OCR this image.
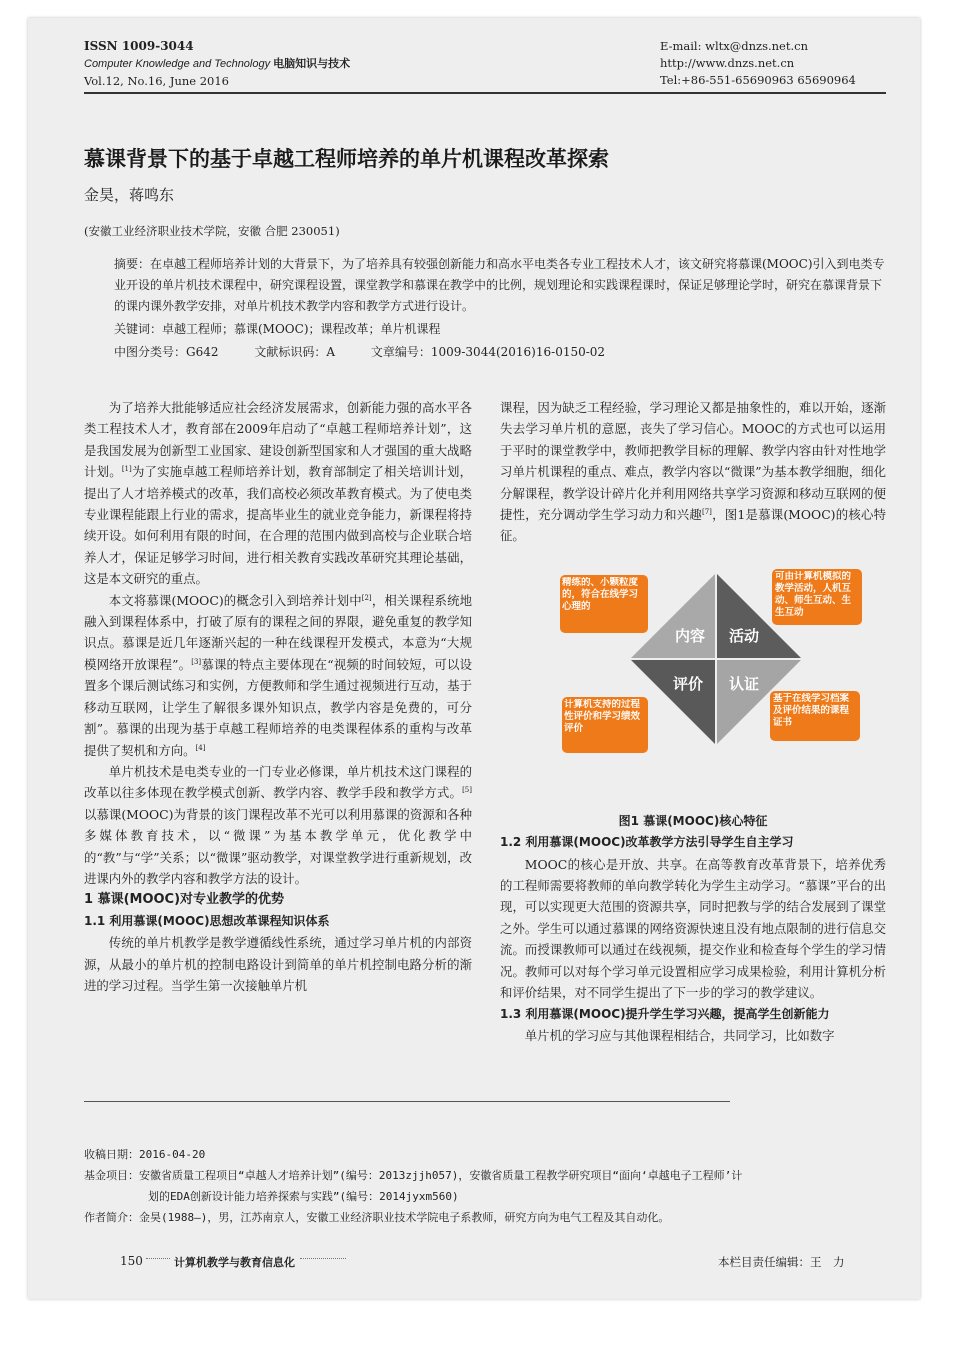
ISSN 1009-3044
Computer Knowledge and Technology 电脑知识与技术
Vol.12, No.16, June 2016
E-mail: wltx@dnzs.net.cn
http://www.dnzs.net.cn
Tel:+86-551-65690963 65690964
慕课背景下的基于卓越工程师培养的单片机课程改革探索
金昊，蒋鸣东
(安徽工业经济职业技术学院，安徽 合肥 230051)

摘要：在卓越工程师培养计划的大背景下，为了培养具有较强创新能力和高水平电类各专业工程技术人才，该文研究将慕课(MOOC)引入到电类专业开设的单片机技术课程中，研究课程设置，课堂教学和慕课在教学中的比例，规划理论和实践课程课时，保证足够理论学时，研究在慕课背景下的课内课外教学安排，对单片机技术教学内容和教学方式进行设计。

关键词：卓越工程师；慕课(MOOC)；课程改革；单片机课程

中图分类号：G642	文献标识码：A	文章编号：1009-3044(2016)16-0150-02

为了培养大批能够适应社会经济发展需求，创新能力强的高水平各类工程技术人才，教育部在2009年启动了“卓越工程师培养计划”，这是我国发展为创新型工业国家、建设创新型国家和人才强国的重大战略计划。[1]为了实施卓越工程师培养计划，教育部制定了相关培训计划，提出了人才培养模式的改革，我们高校必须改革教育模式。为了使电类专业课程能跟上行业的需求，提高毕业生的就业竞争能力，新课程将持续开设。如何利用有限的时间，在合理的范围内做到高校与企业联合培养人才，保证足够学习时间，进行相关教育实践改革研究其理论基础，这是本文研究的重点。

本文将慕课(MOOC)的概念引入到培养计划中[2]，相关课程系统地融入到课程体系中，打破了原有的课程之间的界限，避免重复的教学知识点。慕课是近几年逐渐兴起的一种在线课程开发模式，本意为“大规模网络开放课程”。[3]慕课的特点主要体现在“视频的时间较短，可以设置多个课后测试练习和实例，方便教师和学生通过视频进行互动，基于移动互联网，让学生了解很多课外知识点，教学内容是免费的，可分割”。慕课的出现为基于卓越工程师培养的电类课程体系的重构与改革提供了契机和方向。[4]

单片机技术是电类专业的一门专业必修课，单片机技术这门课程的改革以往多体现在教学模式创新、教学内容、教学手段和教学方式。[5]以慕课(MOOC)为背景的该门课程改革不光可以利用慕课的资源和各种多媒体教育技术，以“微课”为基本教学单元，优化教学中的“教”与“学”关系；以“微课”驱动教学，对课堂教学进行重新规划，改进课内外的教学内容和教学方法的设计。

1 慕课(MOOC)对专业教学的优势

1.1 利用慕课(MOOC)思想改革课程知识体系

传统的单片机教学是教学遵循线性系统，通过学习单片机的内部资源，从最小的单片机的控制电路设计到简单的单片机控制电路分析的渐进的学习过程。当学生第一次接触单片机

课程，因为缺乏工程经验，学习理论又都是抽象性的，难以开始，逐渐失去学习单片机的意愿，丧失了学习信心。MOOC的方式也可以运用于平时的课堂教学中，教师把教学目标的理解、教学内容由针对性地学习单片机课程的重点、难点，教学内容以“微课”为基本教学细胞，细化分解课程，教学设计碎片化并利用网络共享学习资源和移动互联网的便捷性，充分调动学生学习动力和兴趣[7]，图1是慕课(MOOC)的核心特征。

内容 活动
评价 认证
精练的、小颗粒度的，符合在线学习心理的
可由计算机模拟的教学活动，人机互动、师生互动、生生互动
计算机支持的过程性评价和学习绩效评价
基于在线学习档案及评价结果的课程证书

图1 慕课(MOOC)核心特征

1.2 利用慕课(MOOC)改革教学方法引导学生自主学习

MOOC的核心是开放、共享。在高等教育改革背景下，培养优秀的工程师需要将教师的单向教学转化为学生主动学习。“慕课”平台的出现，可以实现更大范围的资源共享，同时把教与学的结合发展到了课堂之外。学生可以通过慕课的网络资源快速且没有地点限制的进行信息交流。而授课教师可以通过在线视频，提交作业和检查每个学生的学习情况。教师可以对每个学习单元设置相应学习成果检验，利用计算机分析和评价结果，对不同学生提出了下一步的学习的教学建议。

1.3 利用慕课(MOOC)提升学生学习兴趣，提高学生创新能力

单片机的学习应与其他课程相结合，共同学习，比如数字

收稿日期：2016-04-20

基金项目：安徽省质量工程项目“卓越人才培养计划”(编号：2013zjjh057)，安徽省质量工程教学研究项目“面向‘卓越电子工程师’计

划的EDA创新设计能力培养探索与实践”(编号：2014jyxm560)

作者简介：金昊(1988—)，男，江苏南京人，安徽工业经济职业技术学院电子系教师，研究方向为电气工程及其自动化。

150	计算机教学与教育信息化	本栏目责任编辑：王　力
